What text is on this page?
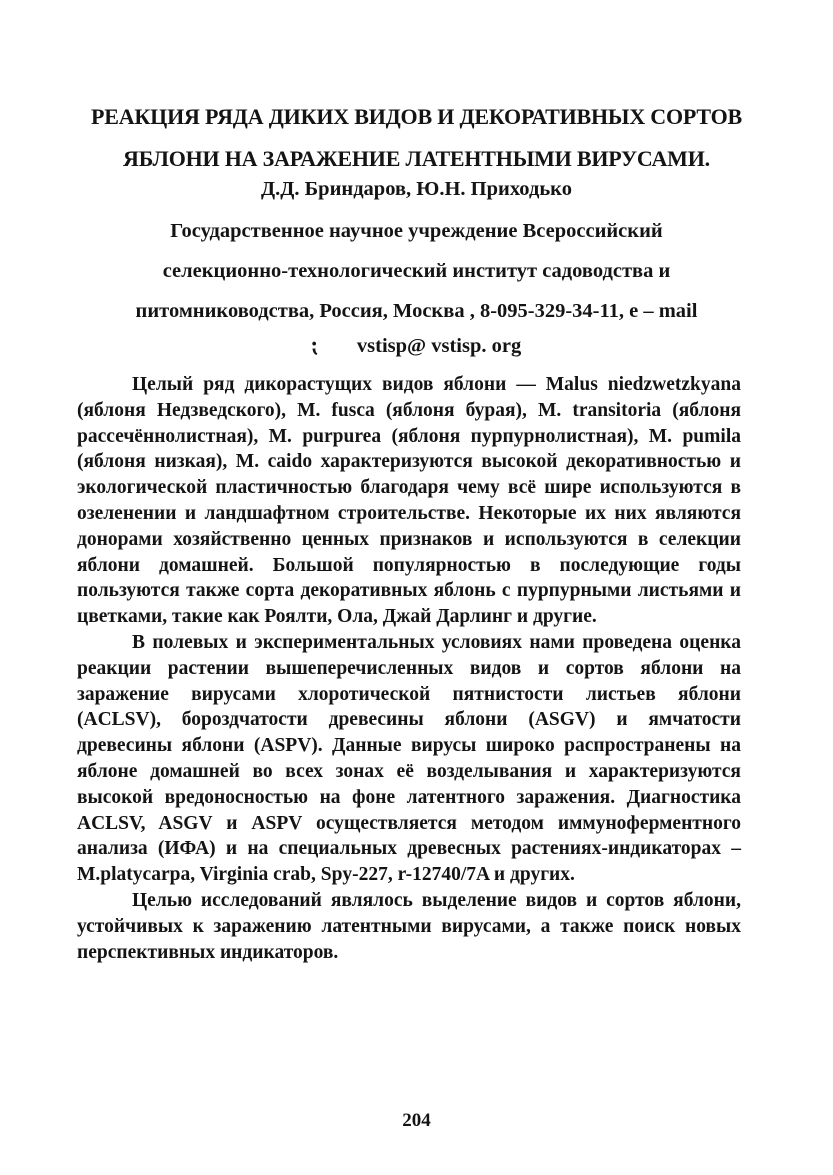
РЕАКЦИЯ РЯДА ДИКИХ ВИДОВ И ДЕКОРАТИВНЫХ СОРТОВ
ЯБЛОНИ НА ЗАРАЖЕНИЕ ЛАТЕНТНЫМИ ВИРУСАМИ.
Д.Д. Бриндаров, Ю.Н. Приходько
Государственное научное учреждение Всероссийский
селекционно-технологический институт садоводства и
питомниководства, Россия, Москва , 8-095-329-34-11, e – mail
⁏ vstisp@ vstisp. org

Целый ряд дикорастущих видов яблони — Malus niedzwetzkyana (яблоня Недзведского), M. fusca (яблоня бурая), M. transitoria (яблоня рассечённолистная), M. purpurea (яблоня пурпурнолистная), M. pumila (яблоня низкая), M. caido характеризуются высокой декоративностью и экологической пластичностью благодаря чему всё шире используются в озеленении и ландшафтном строительстве. Некоторые их них являются донорами хозяйственно ценных признаков и используются в селекции яблони домашней. Большой популярностью в последующие годы пользуются также сорта декоративных яблонь с пурпурными листьями и цветками, такие как Роялти, Ола, Джай Дарлинг и другие.

В полевых и экспериментальных условиях нами проведена оценка реакции растении вышеперечисленных видов и сортов яблони на заражение вирусами хлоротической пятнистости листьев яблони (ACLSV), бороздчатости древесины яблони (ASGV) и ямчатости древесины яблони (ASPV). Данные вирусы широко распространены на яблоне домашней во всех зонах её возделывания и характеризуются высокой вредоносностью на фоне латентного заражения. Диагностика ACLSV, ASGV и ASPV осуществляется методом иммуноферментного анализа (ИФА) и на специальных древесных растениях-индикаторах – M.platycarpa, Virginia crab, Spy-227, r-12740/7A и других.

Целью исследований являлось выделение видов и сортов яблони, устойчивых к заражению латентными вирусами, а также поиск новых перспективных индикаторов.

204
